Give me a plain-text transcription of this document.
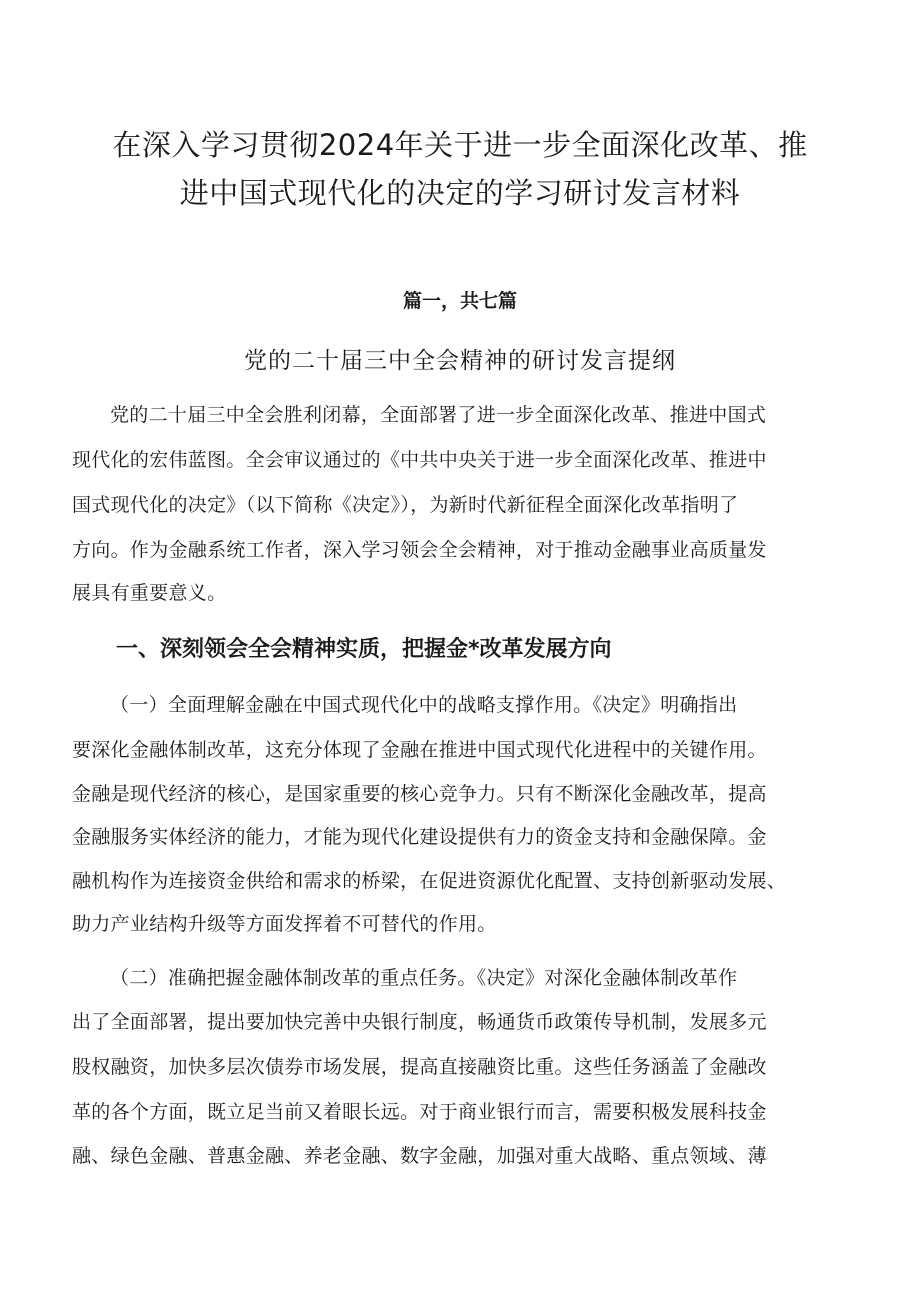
在深入学习贯彻2024年关于进一步全面深化改革、推
进中国式现代化的决定的学习研讨发言材料

篇一，共七篇

党的二十届三中全会精神的研讨发言提纲

党的二十届三中全会胜利闭幕，全面部署了进一步全面深化改革、推进中国式

现代化的宏伟蓝图。全会审议通过的《中共中央关于进一步全面深化改革、推进中

国式现代化的决定》（以下简称《决定》），为新时代新征程全面深化改革指明了

方向。作为金融系统工作者，深入学习领会全会精神，对于推动金融事业高质量发

展具有重要意义。

一、深刻领会全会精神实质，把握金*改革发展方向

（一）全面理解金融在中国式现代化中的战略支撑作用。《决定》明确指出

要深化金融体制改革，这充分体现了金融在推进中国式现代化进程中的关键作用。

金融是现代经济的核心，是国家重要的核心竞争力。只有不断深化金融改革，提高

金融服务实体经济的能力，才能为现代化建设提供有力的资金支持和金融保障。金

融机构作为连接资金供给和需求的桥梁，在促进资源优化配置、支持创新驱动发展、

助力产业结构升级等方面发挥着不可替代的作用。

（二）准确把握金融体制改革的重点任务。《决定》对深化金融体制改革作

出了全面部署，提出要加快完善中央银行制度，畅通货币政策传导机制，发展多元

股权融资，加快多层次债券市场发展，提高直接融资比重。这些任务涵盖了金融改

革的各个方面，既立足当前又着眼长远。对于商业银行而言，需要积极发展科技金

融、绿色金融、普惠金融、养老金融、数字金融，加强对重大战略、重点领域、薄
